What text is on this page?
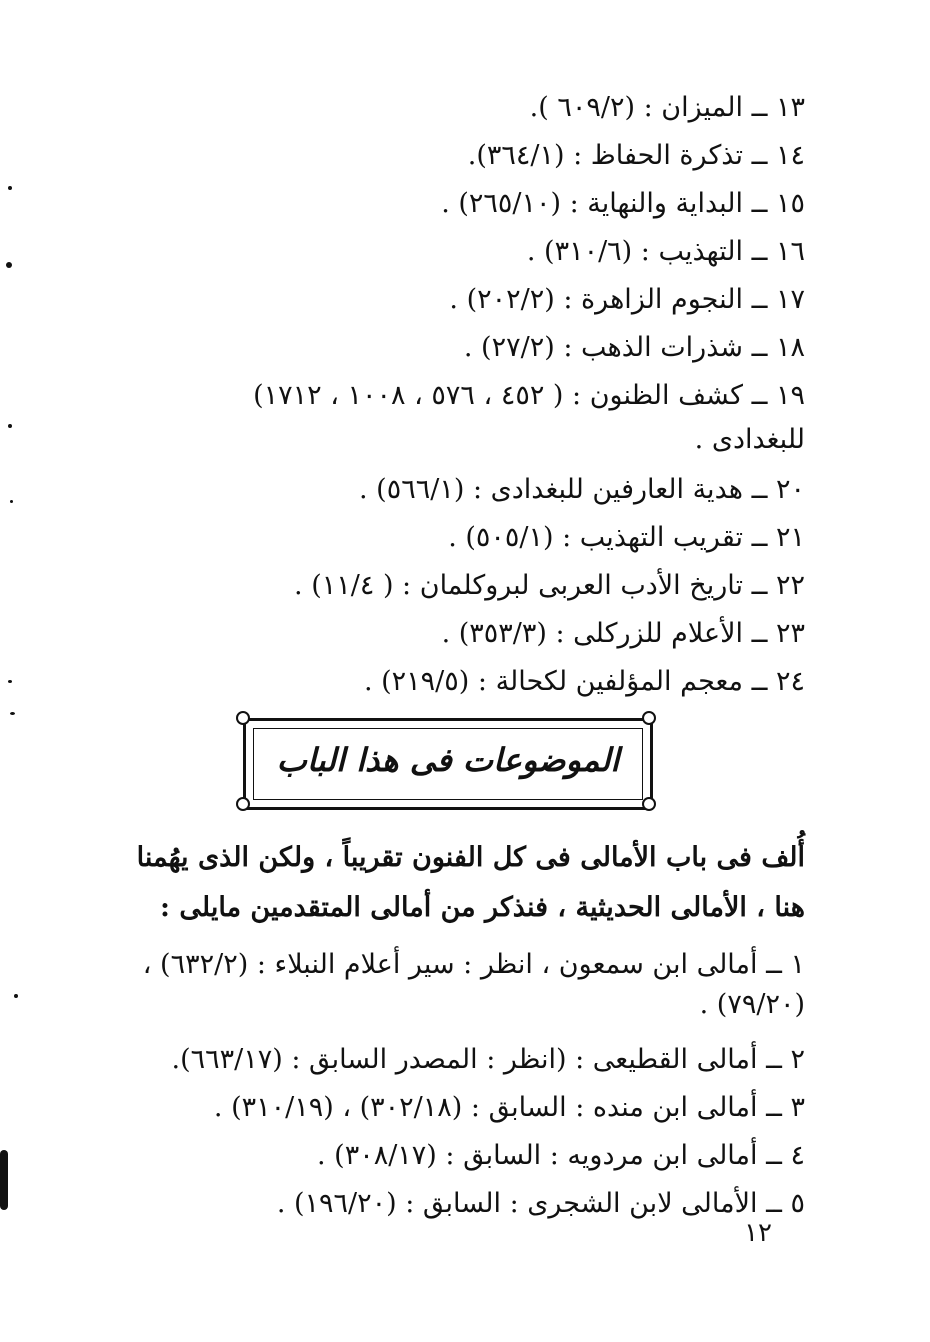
١٣ ــ الميزان : (٦٠٩/٢ ).
١٤ ــ تذكرة الحفاظ : (٣٦٤/١).
١٥ ــ البداية والنهاية : (٢٦٥/١٠) .
١٦ ــ التهذيب : (٣١٠/٦) .
١٧ ــ النجوم الزاهرة : (٢٠٢/٢) .
١٨ ــ شذرات الذهب : (٢٧/٢) .
١٩ ــ كشف الظنون : ( ٤٥٢ ، ٥٧٦ ، ١٠٠٨ ، ١٧١٢)
للبغدادى .
٢٠ ــ هدية العارفين للبغدادى : (٥٦٦/١) .
٢١ ــ تقريب التهذيب : (٥٠٥/١) .
٢٢ ــ تاريخ الأدب العربى لبروكلمان : ( ١١/٤) .
٢٣ ــ الأعلام للزركلى : (٣٥٣/٣) .
٢٤ ــ معجم المؤلفين لكحالة : (٢١٩/٥) .
الموضوعات فى هذا الباب
أُلف فى باب الأمالى فى كل الفنون تقريباً ، ولكن الذى يهُمنا
هنا ، الأمالى الحديثية ، فنذكر من أمالى المتقدمين مايلى :
١ ــ أمالى ابن سمعون ، انظر : سير أعلام النبلاء : (٦٣٢/٢) ،
(٧٩/٢٠) .
٢ ــ أمالى القطيعى : (انظر : المصدر السابق : (٦٦٣/١٧).
٣ ــ أمالى ابن منده : السابق : (٣٠٢/١٨) ، (٣١٠/١٩) .
٤ ــ أمالى ابن مردويه : السابق : (٣٠٨/١٧) .
٥ ــ الأمالى لابن الشجرى : السابق : (١٩٦/٢٠) .
١٢
